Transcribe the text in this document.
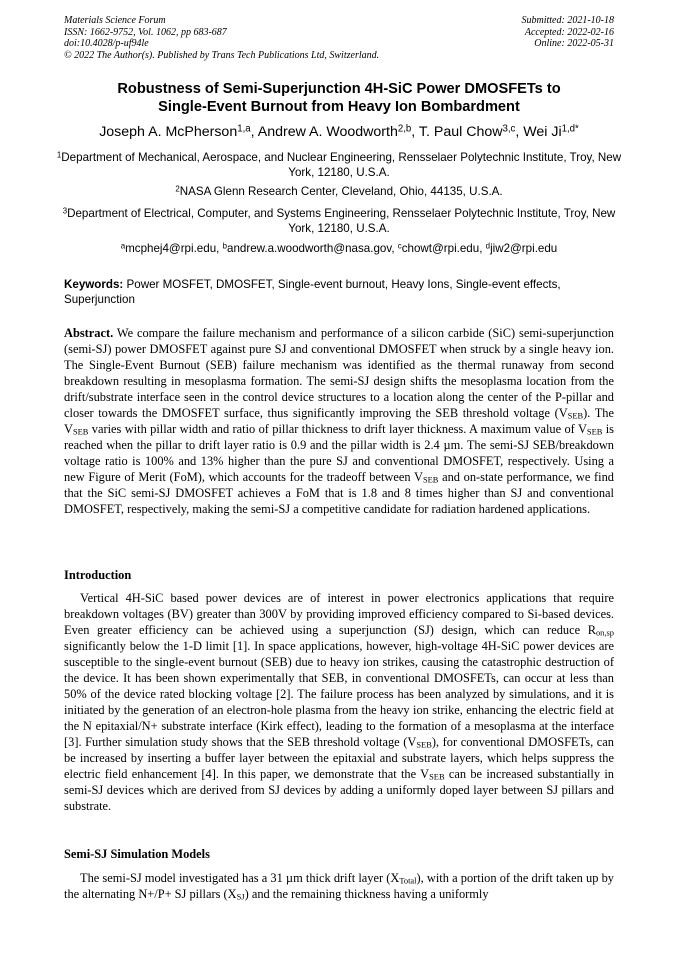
Materials Science Forum
ISSN: 1662-9752, Vol. 1062, pp 683-687
doi:10.4028/p-uf94le
© 2022 The Author(s). Published by Trans Tech Publications Ltd, Switzerland.
Submitted: 2021-10-18
Accepted: 2022-02-16
Online: 2022-05-31
Robustness of Semi-Superjunction 4H-SiC Power DMOSFETs to
Single-Event Burnout from Heavy Ion Bombardment
Joseph A. McPherson$^{1,a}$, Andrew A. Woodworth$^{2,b}$, T. Paul Chow$^{3,c}$, Wei $Ji^{1,d*}$
$^1$Department of Mechanical, Aerospace, and Nuclear Engineering, Rensselaer Polytechnic Institute, Troy, New York, 12180, U.S.A.
$^2$NASA Glenn Research Center, Cleveland, Ohio, 44135, U.S.A.
$^3$Department of Electrical, Computer, and Systems Engineering, Rensselaer Polytechnic Institute, Troy, New York, 12180, U.S.A.
$^a$mcphej4@rpi.edu, $^b$andrew.a.woodworth@nasa.gov, $^c$chowt@rpi.edu, $^d$jiw2@rpi.edu
Keywords: Power MOSFET, DMOSFET, Single-event burnout, Heavy Ions, Single-event effects, Superjunction
Abstract. We compare the failure mechanism and performance of a silicon carbide (SiC) semi-superjunction (semi-SJ) power DMOSFET against pure SJ and conventional DMOSFET when struck by a single heavy ion. The Single-Event Burnout (SEB) failure mechanism was identified as the thermal runaway from second breakdown resulting in mesoplasma formation. The semi-SJ design shifts the mesoplasma location from the drift/substrate interface seen in the control device structures to a location along the center of the P-pillar and closer towards the DMOSFET surface, thus significantly improving the SEB threshold voltage $(V_{SEB})$. The $V_{SEB}$ varies with pillar width and ratio of pillar thickness to drift layer thickness. A maximum value of $V_{SEB}$ is reached when the pillar to drift layer ratio is 0.9 and the pillar width is 2.4 µm. The semi-SJ SEB/breakdown voltage ratio is 100% and 13% higher than the pure SJ and conventional DMOSFET, respectively. Using a new Figure of Merit (FoM), which accounts for the tradeoff between $V_{SEB}$ and on-state performance, we find that the SiC semi-SJ DMOSFET achieves a FoM that is 1.8 and 8 times higher than SJ and conventional DMOSFET, respectively, making the semi-SJ a competitive candidate for radiation hardened applications.
Introduction
Vertical 4H-SiC based power devices are of interest in power electronics applications that require breakdown voltages (BV) greater than 300V by providing improved efficiency compared to Si-based devices. Even greater efficiency can be achieved using a superjunction (SJ) design, which can reduce $R_{on,sp}$ significantly below the 1-D limit [1]. In space applications, however, high-voltage 4H-SiC power devices are susceptible to the single-event burnout (SEB) due to heavy ion strikes, causing the catastrophic destruction of the device. It has been shown experimentally that SEB, in conventional DMOSFETs, can occur at less than 50% of the device rated blocking voltage [2]. The failure process has been analyzed by simulations, and it is initiated by the generation of an electron-hole plasma from the heavy ion strike, enhancing the electric field at the N epitaxial/N+ substrate interface (Kirk effect), leading to the formation of a mesoplasma at the interface [3]. Further simulation study shows that the SEB threshold voltage $(V_{SEB})$, for conventional DMOSFETs, can be increased by inserting a buffer layer between the epitaxial and substrate layers, which helps suppress the electric field enhancement [4]. In this paper, we demonstrate that the $V_{SEB}$ can be increased substantially in semi-SJ devices which are derived from SJ devices by adding a uniformly doped layer between SJ pillars and substrate.
Semi-SJ Simulation Models
The semi-SJ model investigated has a 31 µm thick drift layer $(X_{Total})$, with a portion of the drift taken up by the alternating N+/P+ SJ pillars $(X_{SJ})$ and the remaining thickness having a uniformly
